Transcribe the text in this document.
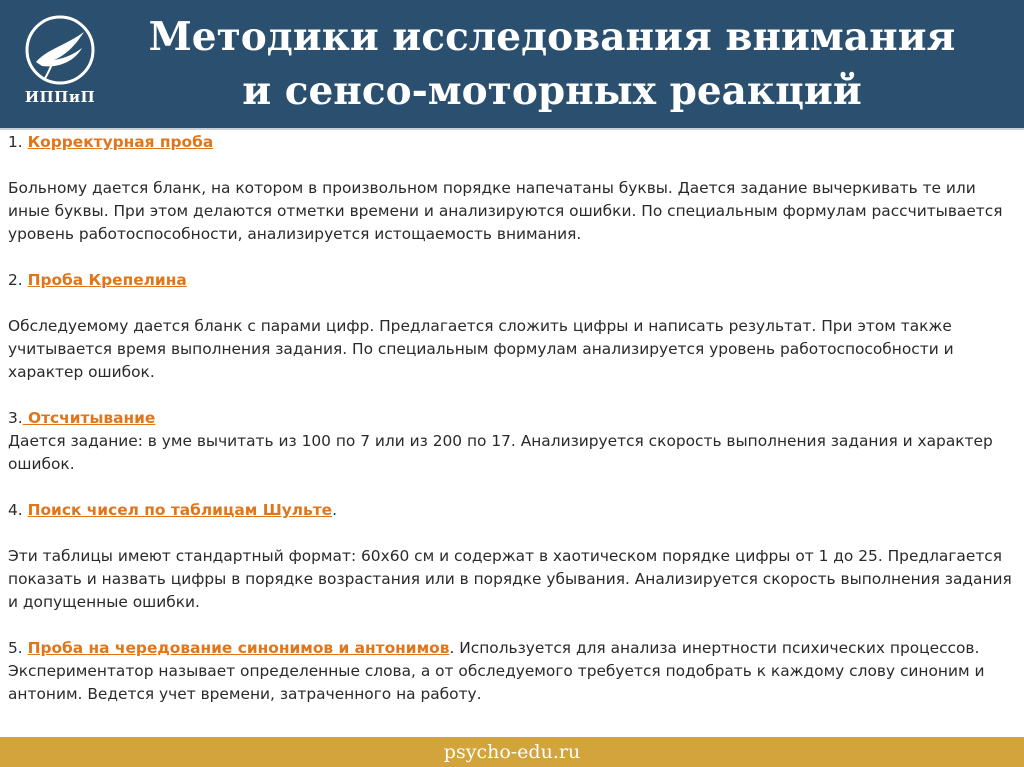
ИППиП
Методики исследования внимания
и сенсо-моторных реакций

1. Корректурная проба

Больному дается бланк, на котором в произвольном порядке напечатаны буквы. Дается задание вычеркивать те или иные буквы. При этом делаются отметки времени и анализируются ошибки. По специальным формулам рассчитывается уровень работоспособности, анализируется истощаемость внимания.

2. Проба Крепелина

Обследуемому дается бланк с парами цифр. Предлагается сложить цифры и написать результат. При этом также учитывается время выполнения задания. По специальным формулам анализируется уровень работоспособности и характер ошибок.

3. Отсчитывание

Дается задание: в уме вычитать из 100 по 7 или из 200 по 17. Анализируется скорость выполнения задания и характер ошибок.

4. Поиск чисел по таблицам Шульте.

Эти таблицы имеют стандартный формат: 60x60 см и содержат в хаотическом порядке цифры от 1 до 25. Предлагается показать и назвать цифры в порядке возрастания или в порядке убывания. Анализируется скорость выполнения задания и допущенные ошибки.

5. Проба на чередование синонимов и антонимов. Используется для анализа инертности психических процессов. Экспериментатор называет определенные слова, а от обследуемого требуется подобрать к каждому слову синоним и антоним. Ведется учет времени, затраченного на работу.

psycho-edu.ru
